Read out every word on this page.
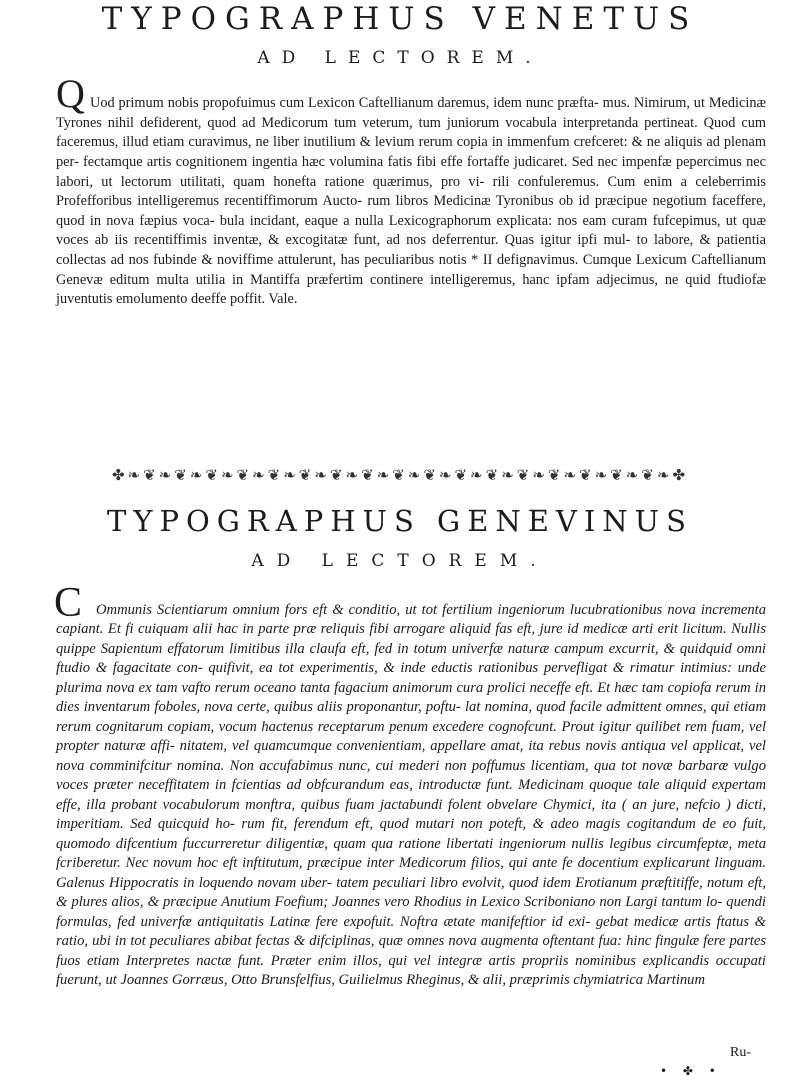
TYPOGRAPHUS VENETUS
AD LECTOREM.
Q Uod primum nobis propofuimus cum Lexicon Caftellianum daremus, idem nunc præfta- mus. Nimirum, ut Medicinæ Tyrones nihil defiderent, quod ad Medicorum tum veterum, tum juniorum vocabula interpretanda pertineat. Quod cum faceremus, illud etiam curavimus, ne liber inutilium & levium rerum copia in immenfum crefceret: & ne aliquis ad plenam per- fectamque artis cognitionem ingentia hæc volumina fatis fibi effe fortaffe judicaret. Sed nec impenfæ pepercimus nec labori, ut lectorum utilitati, quam honefta ratione quærimus, pro vi- rili confuleremus. Cum enim a celeberrimis Profefforibus intelligeremus recentiffimorum Aucto- rum libros Medicinæ Tyronibus ob id præcipue negotium faceffere, quod in nova fæpius voca- bula incidant, eaque a nulla Lexicographorum explicata: nos eam curam fufcepimus, ut quæ voces ab iis recentiffimis inventæ, & excogitatæ funt, ad nos deferrentur. Quas igitur ipfi mul- to labore, & patientia collectas ad nos fubinde & noviffime attulerunt, has peculiaribus notis * II defignavimus. Cumque Lexicum Caftellianum Genevæ editum multa utilia in Mantiffa præfertim continere intelligeremus, hanc ipfam adjecimus, ne quid ftudiofæ juventutis emolumento deeffe poffit. Vale.

✤❧❦❧❦❧❦❧❦❧❦❧❦❧❦❧❦❧❦❧❦❧❦❧❦❧❦❧❦❧❦❧❦❧❦❧✤
TYPOGRAPHUS GENEVINUS
AD LECTOREM.
C Ommunis Scientiarum omnium fors eft & conditio, ut tot fertilium ingeniorum lucubrationibus nova incrementa capiant. Et fi cuiquam alii hac in parte præ reliquis fibi arrogare aliquid fas eft, jure id medicæ arti erit licitum. Nullis quippe Sapientum effatorum limitibus illa claufa eft, fed in totum univerfæ naturæ campum excurrit, & quidquid omni ftudio & fagacitate con- quifivit, ea tot experimentis, & inde eductis rationibus pervefligat & rimatur intimius: unde plurima nova ex tam vafto rerum oceano tanta fagacium animorum cura prolici neceffe eft. Et hæc tam copiofa rerum in dies inventarum foboles, nova certe, quibus aliis proponantur, poftu- lat nomina, quod facile admittent omnes, qui etiam rerum cognitarum copiam, vocum hactenus receptarum penum excedere cognofcunt. Prout igitur quilibet rem fuam, vel propter naturæ affi- nitatem, vel quamcumque convenientiam, appellare amat, ita rebus novis antiqua vel applicat, vel nova comminifcitur nomina. Non accufabimus nunc, cui mederi non poffumus licentiam, qua tot novæ barbaræ vulgo voces præter neceffitatem in fcientias ad obfcurandum eas, introductæ funt. Medicinam quoque tale aliquid expertam effe, illa probant vocabulorum monftra, quibus fuam jactabundi folent obvelare Chymici, ita ( an jure, nefcio ) dicti, imperitiam. Sed quicquid ho- rum fit, ferendum eft, quod mutari non poteft, & adeo magis cogitandum de eo fuit, quomodo difcentium fuccurreretur diligentiæ, quam qua ratione libertati ingeniorum nullis legibus circumfeptæ, meta fcriberetur. Nec novum hoc eft inftitutum, præcipue inter Medicorum filios, qui ante fe docentium explicarunt linguam. Galenus Hippocratis in loquendo novam uber- tatem peculiari libro evolvit, quod idem Erotianum præftitiffe, notum eft, & plures alios, & præcipue Anutium Foefium; Joannes vero Rhodius in Lexico Scriboniano non Largi tantum lo- quendi formulas, fed univerfæ antiquitatis Latinæ fere expofuit. Noftra ætate manifeftior id exi- gebat medicæ artis ftatus & ratio, ubi in tot peculiares abibat fectas & difciplinas, quæ omnes nova augmenta oftentant fua: hinc fingulæ fere partes fuos etiam Interpretes nactæ funt. Præter enim illos, qui vel integræ artis propriis nominibus explicandis occupati fuerunt, ut Joannes Gorræus, Otto Brunsfelfius, Guilielmus Rheginus, & alii, præprimis chymiatrica Martinum

Ru-
• ✤ •
